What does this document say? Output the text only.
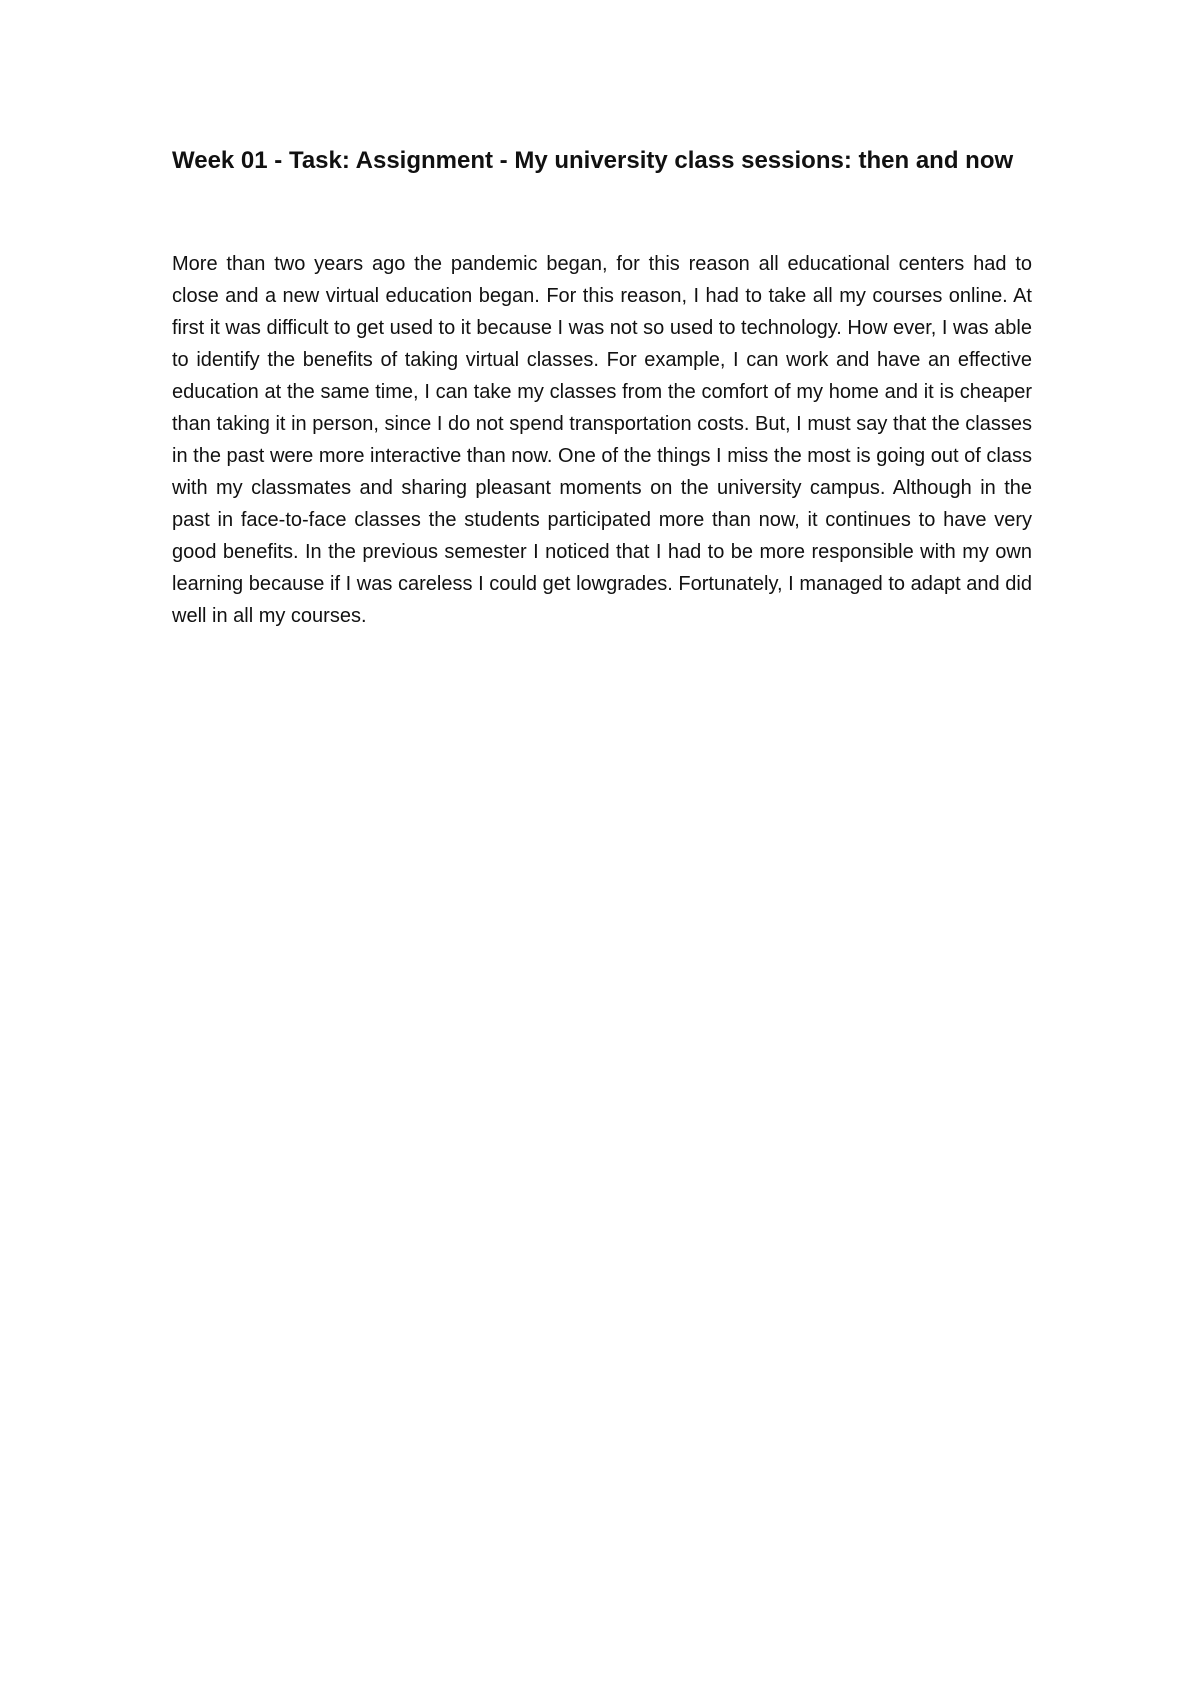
Week 01 - Task: Assignment - My university class sessions: then and now

More than two years ago the pandemic began, for this reason all educational centers had to close and a new virtual education began. For this reason, I had to take all my courses online. At first it was difficult to get used to it because I was not so used to technology. How ever, I was able to identify the benefits of taking virtual classes. For example, I can work and have an effective education at the same time, I can take my classes from the comfort of my home and it is cheaper than taking it in person, since I do not spend transportation costs. But, I must say that the classes in the past were more interactive than now. One of the things I miss the most is going out of class with my classmates and sharing pleasant moments on the university campus. Although in the past in face-to-face classes the students participated more than now, it continues to have very good benefits. In the previous semester I noticed that I had to be more responsible with my own learning because if I was careless I could get lowgrades. Fortunately, I managed to adapt and did well in all my courses.
